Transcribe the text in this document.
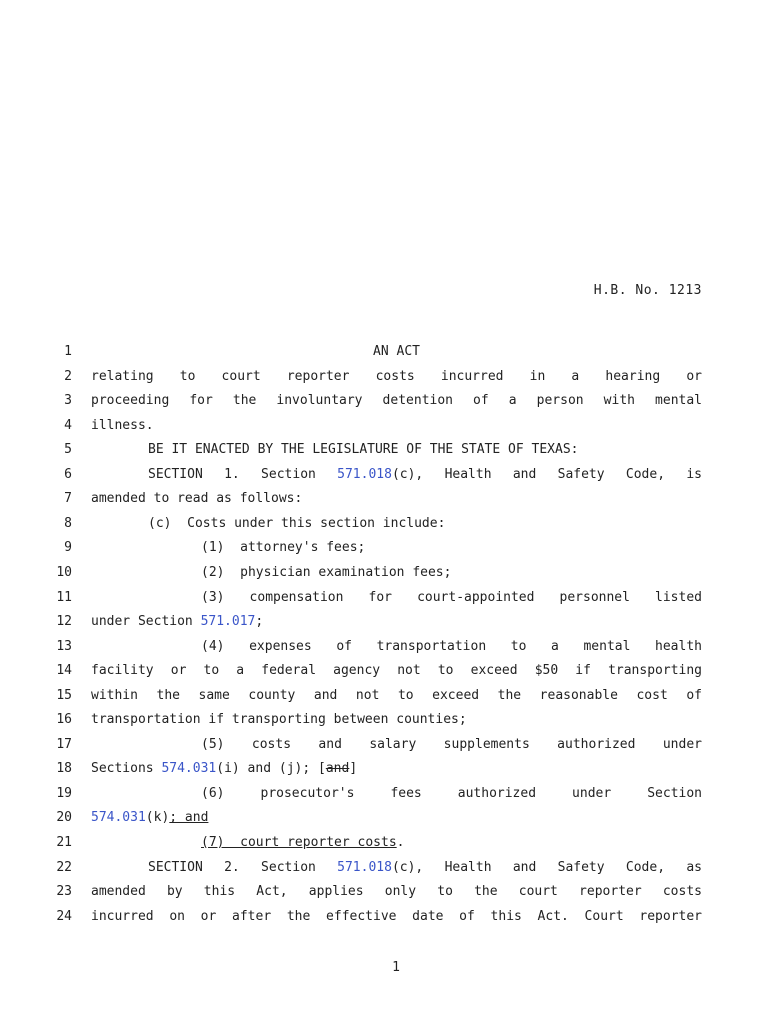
H.B. No. 1213
1	AN ACT
2 relating to court reporter costs incurred in a hearing or
3 proceeding for the involuntary detention of a person with mental
4 illness.
5	BE IT ENACTED BY THE LEGISLATURE OF THE STATE OF TEXAS:
6	SECTION 1. Section 571.018(c), Health and Safety Code, is
7 amended to read as follows:
8	(c)  Costs under this section include:
9	(1)  attorney's fees;
10	(2)  physician examination fees;
11	(3) compensation for court-appointed personnel listed
12 under Section 571.017;
13	(4) expenses of transportation to a mental health
14 facility or to a federal agency not to exceed $50 if transporting
15 within the same county and not to exceed the reasonable cost of
16 transportation if transporting between counties;
17	(5) costs and salary supplements authorized under
18 Sections 574.031(i) and (j); [and]
19	(6) prosecutor's fees authorized under Section
20 574.031(k); and
21	(7)  court reporter costs.
22	SECTION 2. Section 571.018(c), Health and Safety Code, as
23 amended by this Act, applies only to the court reporter costs
24 incurred on or after the effective date of this Act. Court reporter
1
